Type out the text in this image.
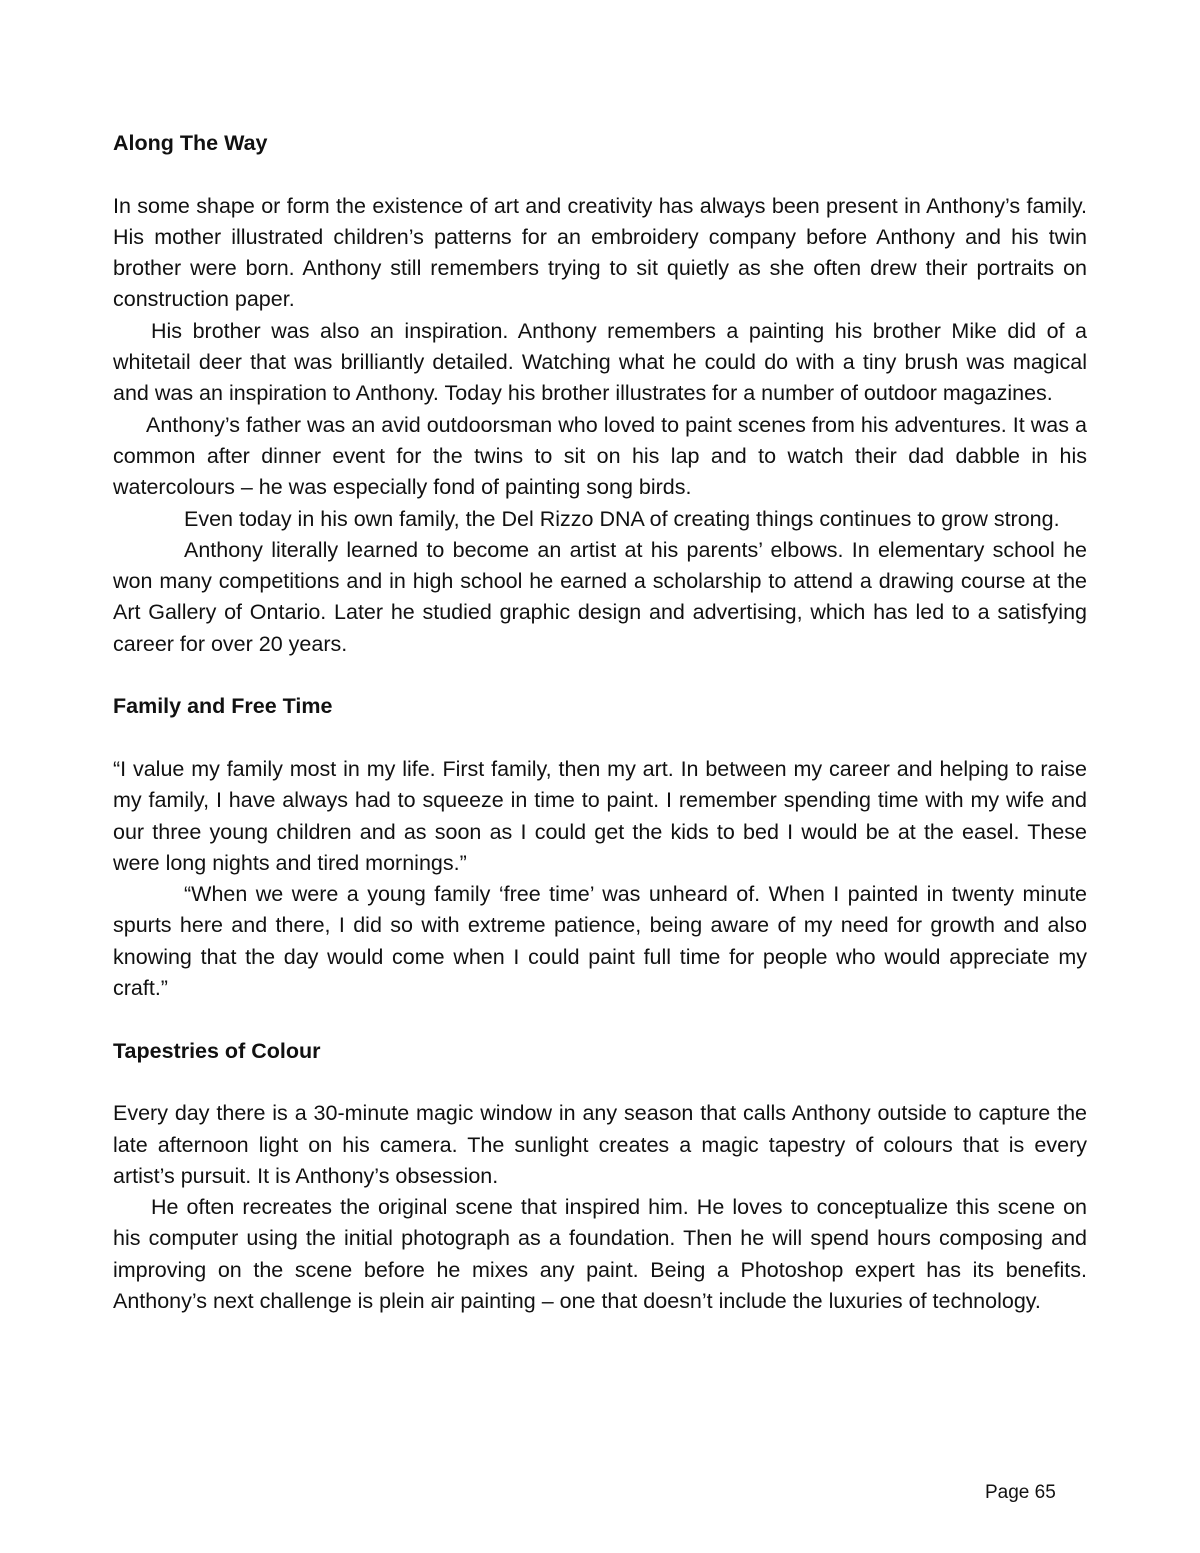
Along The Way

In some shape or form the existence of art and creativity has always been present in Anthony’s family. His mother illustrated children’s patterns for an embroidery company before Anthony and his twin brother were born. Anthony still remembers trying to sit quietly as she often drew their portraits on construction paper.

His brother was also an inspiration. Anthony remembers a painting his brother Mike did of a whitetail deer that was brilliantly detailed. Watching what he could do with a tiny brush was magical and was an inspiration to Anthony. Today his brother illustrates for a number of outdoor magazines.

Anthony’s father was an avid outdoorsman who loved to paint scenes from his adventures. It was a common after dinner event for the twins to sit on his lap and to watch their dad dabble in his watercolours – he was especially fond of painting song birds.

Even today in his own family, the Del Rizzo DNA of creating things continues to grow strong.

Anthony literally learned to become an artist at his parents’ elbows. In elementary school he won many competitions and in high school he earned a scholarship to attend a drawing course at the Art Gallery of Ontario. Later he studied graphic design and advertising, which has led to a satisfying career for over 20 years.

Family and Free Time

“I value my family most in my life. First family, then my art. In between my career and helping to raise my family, I have always had to squeeze in time to paint. I remember spending time with my wife and our three young children and as soon as I could get the kids to bed I would be at the easel. These were long nights and tired mornings.”

“When we were a young family ‘free time’ was unheard of. When I painted in twenty minute spurts here and there, I did so with extreme patience, being aware of my need for growth and also knowing that the day would come when I could paint full time for people who would appreciate my craft.”

Tapestries of Colour

Every day there is a 30-minute magic window in any season that calls Anthony outside to capture the late afternoon light on his camera. The sunlight creates a magic tapestry of colours that is every artist’s pursuit. It is Anthony’s obsession.

He often recreates the original scene that inspired him. He loves to conceptualize this scene on his computer using the initial photograph as a foundation. Then he will spend hours composing and improving on the scene before he mixes any paint. Being a Photoshop expert has its benefits. Anthony’s next challenge is plein air painting – one that doesn’t include the luxuries of technology.

Page 65
